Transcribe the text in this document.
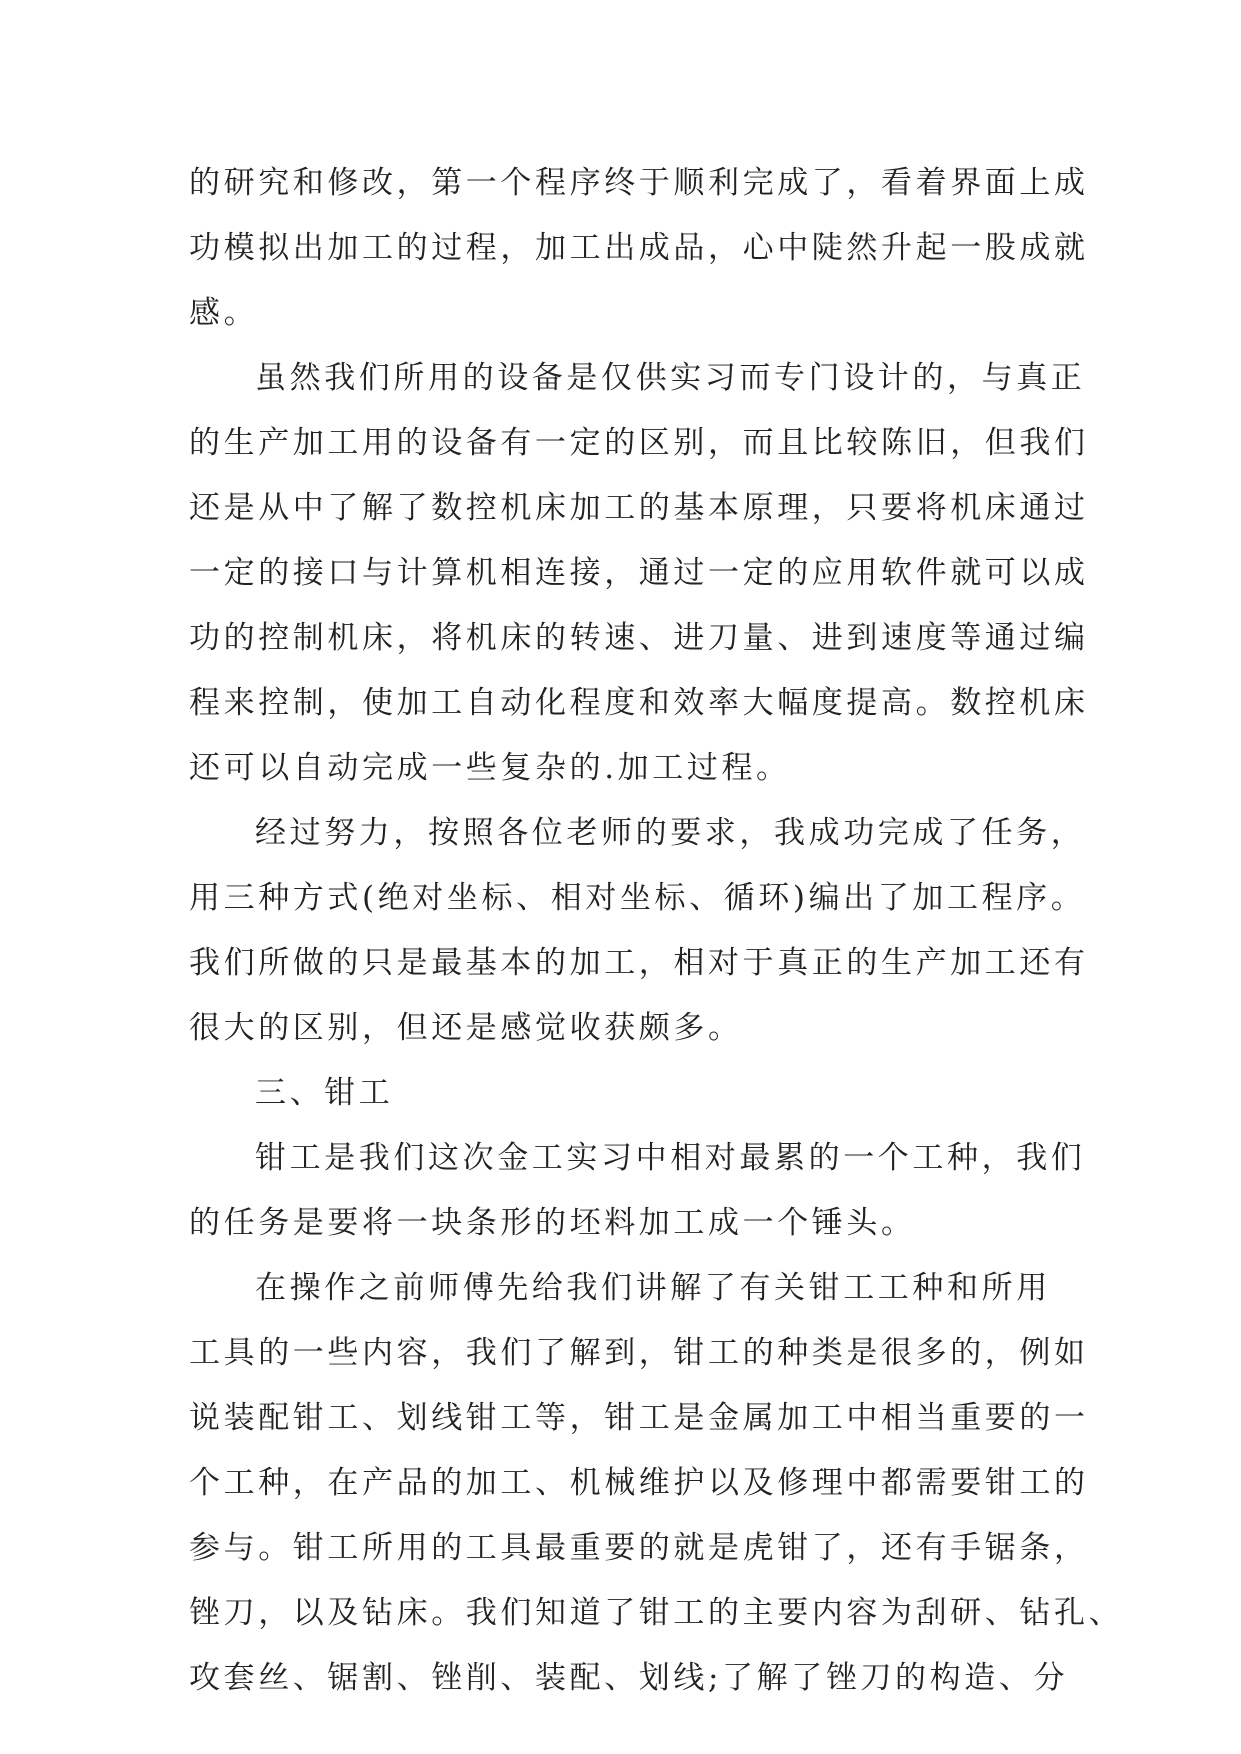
的研究和修改，第一个程序终于顺利完成了，看着界面上成
功模拟出加工的过程，加工出成品，心中陡然升起一股成就
感。
虽然我们所用的设备是仅供实习而专门设计的，与真正
的生产加工用的设备有一定的区别，而且比较陈旧，但我们
还是从中了解了数控机床加工的基本原理，只要将机床通过
一定的接口与计算机相连接，通过一定的应用软件就可以成
功的控制机床，将机床的转速、进刀量、进到速度等通过编
程来控制，使加工自动化程度和效率大幅度提高。数控机床
还可以自动完成一些复杂的.加工过程。
经过努力，按照各位老师的要求，我成功完成了任务，
用三种方式(绝对坐标、相对坐标、循环)编出了加工程序。
我们所做的只是最基本的加工，相对于真正的生产加工还有
很大的区别，但还是感觉收获颇多。
三、钳工
钳工是我们这次金工实习中相对最累的一个工种，我们
的任务是要将一块条形的坯料加工成一个锤头。
在操作之前师傅先给我们讲解了有关钳工工种和所用
工具的一些内容，我们了解到，钳工的种类是很多的，例如
说装配钳工、划线钳工等，钳工是金属加工中相当重要的一
个工种，在产品的加工、机械维护以及修理中都需要钳工的
参与。钳工所用的工具最重要的就是虎钳了，还有手锯条，
锉刀，以及钻床。我们知道了钳工的主要内容为刮研、钻孔、
攻套丝、锯割、锉削、装配、划线;了解了锉刀的构造、分
